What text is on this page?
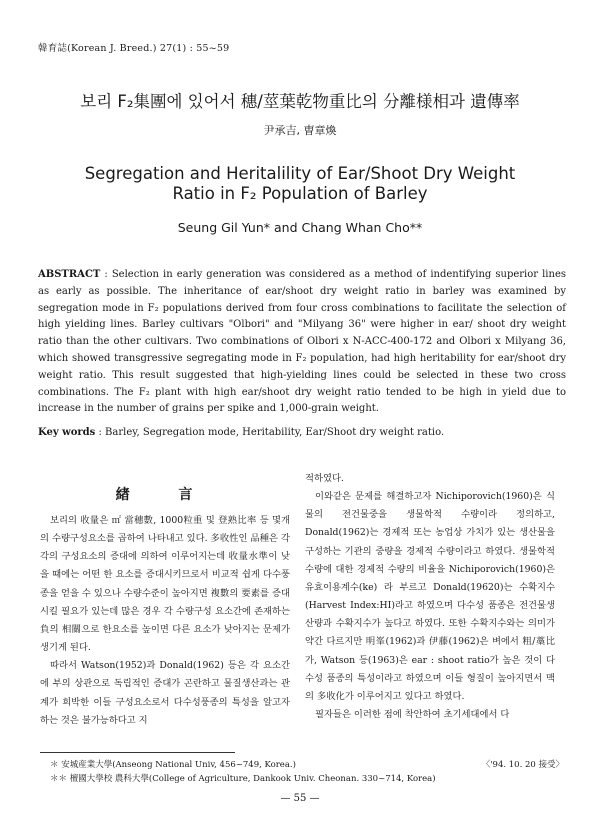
韓育誌(Korean J. Breed.) 27(1) : 55~59
보리 F₂集團에 있어서 穗/莖葉乾物重比의 分離様相과 遺傳率
尹承吉, 曺章煥
Segregation and Heritalility of Ear/Shoot Dry Weight
Ratio in F₂ Population of Barley
Seung Gil Yun* and Chang Whan Cho**
ABSTRACT : Selection in early generation was considered as a method of indentifying superior lines as early as possible. The inheritance of ear/shoot dry weight ratio in barley was examined by segregation mode in F₂ populations derived from four cross combinations to facilitate the selection of high yielding lines. Barley cultivars "Olbori" and "Milyang 36" were higher in ear/ shoot dry weight ratio than the other cultivars. Two combinations of Olbori x N-ACC-400-172 and Olbori x Milyang 36, which showed transgressive segregating mode in F₂ population, had high heritability for ear/shoot dry weight ratio. This result suggested that high-yielding lines could be selected in these two cross combinations. The F₂ plant with high ear/shoot dry weight ratio tended to be high in yield due to increase in the number of grains per spike and 1,000-grain weight.
Key words : Barley, Segregation mode, Heritability, Ear/Shoot dry weight ratio.
緖 言

보리의 收量은 ㎡ 當穗數, 1000粒重 및 登熟比率 등 몇개의 수량구성요소를 곱하여 나타내고 있다. 多收性인 品種은 각각의 구성요소의 증대에 의하여 이루어지는데 收量水準이 낮을 때에는 어떤 한 요소를 증대시키므로서 비교적 쉽게 다수풍종을 얻을 수 있으나 수량수준이 높아지면 複數의 要素를 증대시킬 필요가 있는데 많은 경우 각 수량구성 요소간에 존재하는 負의 相關으로 한요소를 높이면 다른 요소가 낮아지는 문제가 생기게 된다.

따라서 Watson(1952)과 Donald(1962) 등은 각 요소간에 부의 상관으로 독립적인 증대가 곤란하고 물질생산과는 관계가 희박한 이들 구성요소로서 다수성풍종의 특성을 알고자 하는 것은 불가능하다고 지

적하였다.

이와같은 문제를 해결하고자 Nichiporovich(1960)은 식물의 전건물중을 생물학적 수량이라 정의하고, Donald(1962)는 경제적 또는 농업상 가치가 있는 생산물을 구성하는 기관의 중량을 경제적 수량이라고 하였다. 생물학적 수량에 대한 경제적 수량의 비율을 Nichiporovich(1960)은 유효이용계수(ke) 라 부르고 Donald(19620)는 수확지수(Harvest Index:HI)라고 하였으며 다수성 품종은 전건물생산량과 수확지수가 높다고 하였다. 또한 수확지수와는 의미가 약간 다르지만 明峯(1962)과 伊藤(1962)은 벼에서 粗/藁比가, Watson 등(1963)은 ear : shoot ratio가 높은 것이 다수성 품종의 특성이라고 하였으며 이들 형질이 높아지면서 맥의 多收化가 이루어지고 있다고 하였다.

필자들은 이러한 점에 착안하여 초기세대에서 다

＊ 安城産業大學(Anseong National Univ, 456~749, Korea.)
＊＊ 檀國大學校 農科大學(College of Agriculture, Dankook Univ. Cheonan. 330~714, Korea)
〈'94. 10. 20 接受〉
— 55 —
